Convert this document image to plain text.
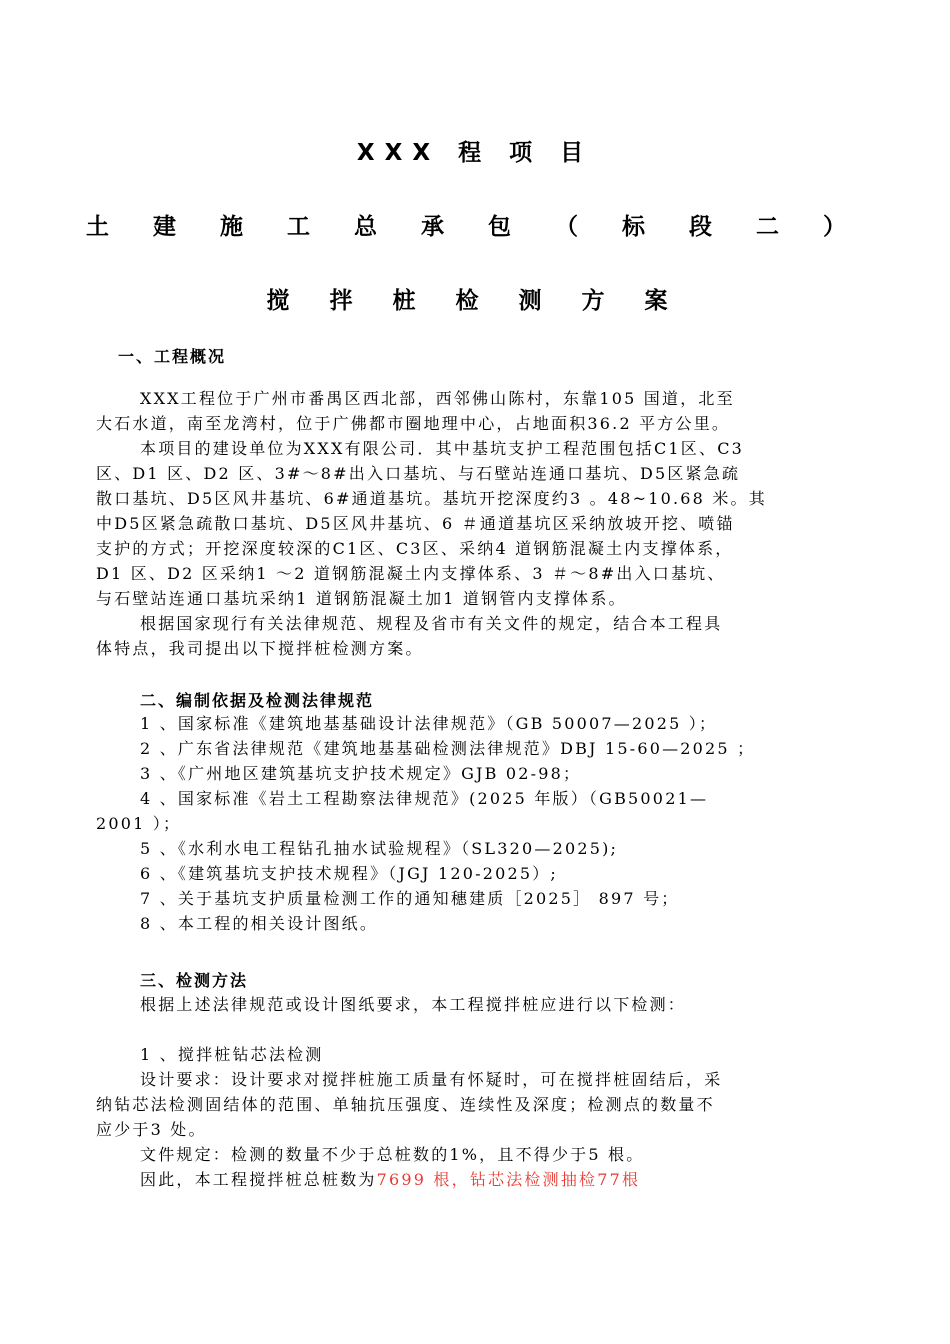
XXX 程 项 目
土 建 施 工 总 承 包 （ 标 段 二 ）
搅 拌 桩 检 测 方 案
一、工程概况
XXX工程位于广州市番禺区西北部，西邻佛山陈村，东靠105 国道，北至
大石水道，南至龙湾村，位于广佛都市圈地理中心，占地面积36.2 平方公里。
本项目的建设单位为XXX有限公司．其中基坑支护工程范围包括C1区、C3
区、D1 区、D2 区、3#～8#出入口基坑、与石壁站连通口基坑、D5区紧急疏
散口基坑、D5区风井基坑、6#通道基坑。基坑开挖深度约3 。48~10.68 米。其
中D5区紧急疏散口基坑、D5区风井基坑、6 ＃通道基坑区采纳放坡开挖、喷锚
支护的方式；开挖深度较深的C1区、C3区、采纳4 道钢筋混凝土内支撑体系，
D1 区、D2 区采纳1 ～2 道钢筋混凝土内支撑体系、3 ＃～8#出入口基坑、
与石壁站连通口基坑采纳1 道钢筋混凝土加1 道钢管内支撑体系。
根据国家现行有关法律规范、规程及省市有关文件的规定，结合本工程具
体特点，我司提出以下搅拌桩检测方案。
二、编制依据及检测法律规范
1 、国家标准《建筑地基基础设计法律规范》（GB 50007—2025 ）；
2 、广东省法律规范《建筑地基基础检测法律规范》DBJ 15-60—2025 ；
3 、《广州地区建筑基坑支护技术规定》GJB 02-98；
4 、国家标准《岩土工程勘察法律规范》(2025 年版）（GB50021—
2001 ）；
5 、《水利水电工程钻孔抽水试验规程》（SL320—2025);
6 、《建筑基坑支护技术规程》（JGJ 120-2025）;
7 、关于基坑支护质量检测工作的通知穗建质［2025］ 897 号；
8 、本工程的相关设计图纸。
三、检测方法
根据上述法律规范或设计图纸要求，本工程搅拌桩应进行以下检测：
1 、搅拌桩钻芯法检测
设计要求：设计要求对搅拌桩施工质量有怀疑时，可在搅拌桩固结后，采
纳钻芯法检测固结体的范围、单轴抗压强度、连续性及深度；检测点的数量不
应少于3 处。
文件规定：检测的数量不少于总桩数的1%，且不得少于5 根。
因此，本工程搅拌桩总桩数为7699 根，钻芯法检测抽检77根
